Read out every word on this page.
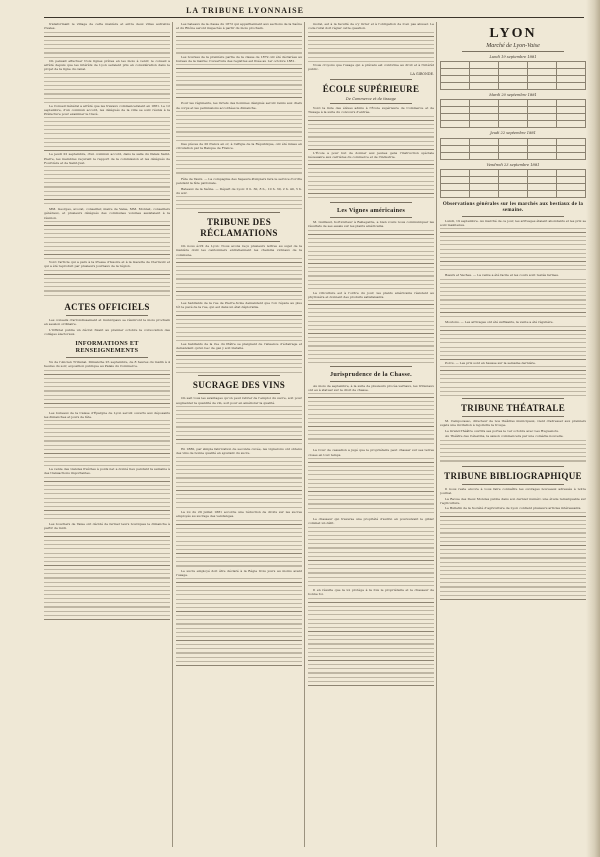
LA TRIBUNE LYONNAISE

transformant le village de cette manière et entre deux villes autrefois rivales.

On pensait effectuer trois lignes prêtes en les mois à venir; le conseil a arrêté depuis que les intérêts de Lyon seraient pris en considération dans le projet de la ligne du canal.

Le Conseil Général a arrêté que les travaux commenceraient en 1881. Le 12 septembre, d'un commun accord, les délégués de la ville se sont réunis à la Préfecture pour examiner le tracé.

Le jeudi 22 septembre, d'un commun accord, dans la salle du Palais Saint-Pierre, les membres reçurent le rapport de la commission et les délégués de Fourvière et de Saint-Just.

MM. Georges, avocat, conseiller, maire de Vaise, MM. Monnet, conseillers généraux, et plusieurs délégués des communes voisines assistaient à la réunion.

Voici l'article qui a paru à la Presse d'Issoire et à la Gazette de Clermont et qui a été reproduit par plusieurs journaux de la région.

ACTES OFFICIELS

Les conseils d'arrondissement et municipaux se réuniront le mois prochain en session ordinaire.

L'Officiel publie un décret fixant au premier octobre la convocation des collèges électoraux.

INFORMATIONS ET RENSEIGNEMENTS

Vu de l'Ancien Tribunal. Dimanche 25 septembre, de 8 heures du matin à 4 heures du soir, exposition publique au Palais du Commerce.

Les bureaux de la Caisse d'Épargne de Lyon seront ouverts aux déposants les dimanches et jours de fête.

La vente des viandes fraîches à poids net a donné lieu pendant la semaine à des transactions importantes.

Les bouchers de Vaise ont décidé de fermer leurs boutiques le dimanche à partir de midi.

Les bateaux de la classe du 1872 qui appartiennent aux sections de la Saône et du Rhône seront inspectés à partir du mois prochain.

Les bourses de la première partie de la classe de 1879 ont été déclarées au bureau de la mairie; l'ouverture des registres est fixée au 1er octobre 1881.

Pour les régiments, les livrets des hommes désignés seront remis aux chefs de corps et les permissions accordées le dimanche.

Des pièces de 20 francs en or, à l'effigie de la République, ont été mises en circulation par la Banque de France.

Fête de Vaulx. — La compagnie des Sapeurs-Pompiers fera le service d'ordre pendant la fête patronale.

Bateaux de la Saône. — Départ de Lyon: 6 h. 30, 8 h., 10 h. 30, 2 h. 40, 5 h. du soir.

TRIBUNE DES RÉCLAMATIONS

On nous écrit de Lyon: Nous avons reçu plusieurs lettres au sujet de la manière dont les cantonniers entretiennent les chemins vicinaux de la commune.

Les habitants de la rue de Pierre-Scize demandent que l'on répare au plus tôt le pavé de la rue, qui est dans un état déplorable.

Les habitants de la rue du Plâtre se plaignent de l'absence d'éclairage et demandent qu'un bec de gaz y soit installé.

SUCRAGE DES VINS

On sait tous les avantages qu'on peut retirer de l'emploi du sucre, soit pour augmenter la quantité de vin, soit pour en améliorer la qualité.

En 1880, par simple fabrication de seconde cuvée, les vignerons ont obtenu des vins de bonne qualité en ajoutant du sucre.

La loi du 29 juillet 1881 accorde une réduction de droits sur les sucres employés au sucrage des vendanges.

Le sucre employé doit être déclaré à la Régie trois jours au moins avant l'usage.

moral, est à la faculté de s'y livrer et à l'obligation de n'en pas abuser. Le code rural doit régler cette question.

Nous croyons que l'usage qui a prévalu est conforme au droit et à l'intérêt public.

LA GIRONDE.
ÉCOLE SUPÉRIEURE
De Commerce et de tissage

Voici la liste des élèves admis à l'École supérieure de Commerce et de Tissage à la suite du concours d'entrée.

L'École a pour but de donner aux jeunes gens l'instruction spéciale nécessaire aux carrières du commerce et de l'industrie.

Les Vignes américaines

M. Guillaud, horticulteur à Bellegarde, a bien voulu nous communiquer les résultats de ses essais sur les plants américains.

La viticulture est à l'ordre du jour; les plants américains résistent au phylloxéra et donnent des produits satisfaisants.

Jurisprudence de la Chasse.

Au mois de septembre, à la suite de plusieurs procès-verbaux, les tribunaux ont eu à statuer sur le droit de chasse.

La Cour de cassation a jugé que le propriétaire peut chasser sur ses terres closes en tout temps.

Le chasseur qui traverse une propriété d'autrui en poursuivant le gibier commet un délit.

Il en résulte que la loi protège à la fois le propriétaire et le chasseur de bonne foi.

LYON
Marché de Lyon-Vaise
Lundi 19 septembre 1881

Mardi 20 septembre 1881

Jeudi 22 septembre 1881

Vendredi 23 septembre 1881

Observations générales sur les marchés aux bestiaux de la semaine.

Lundi, 19 septembre. Au marché de ce jour, les arrivages étaient abondants et les prix se sont maintenus.

Bœufs et Vaches. — La vente a été facile et les cours sont restés fermes.

Moutons. — Les arrivages ont été suffisants, la vente a été régulière.

Porcs. — Les prix sont en hausse sur la semaine dernière.

TRIBUNE THÉATRALE

M. Campocasso, directeur de nos théâtres municipaux, vient d'adresser aux premiers sujets une invitation à rejoindre la troupe.

Le Grand-Théâtre ouvrira ses portes le 1er octobre avec Les Huguenots.

Au Théâtre des Célestins, la saison commencera par une comédie nouvelle.

TRIBUNE BIBLIOGRAPHIQUE

Il nous reste encore à vous faire connaître les ouvrages nouveaux adressés à notre journal.

La Revue des Deux Mondes publie dans son dernier numéro une étude remarquable sur l'agriculture.

Le Bulletin de la Société d'agriculture de Lyon contient plusieurs articles intéressants.
